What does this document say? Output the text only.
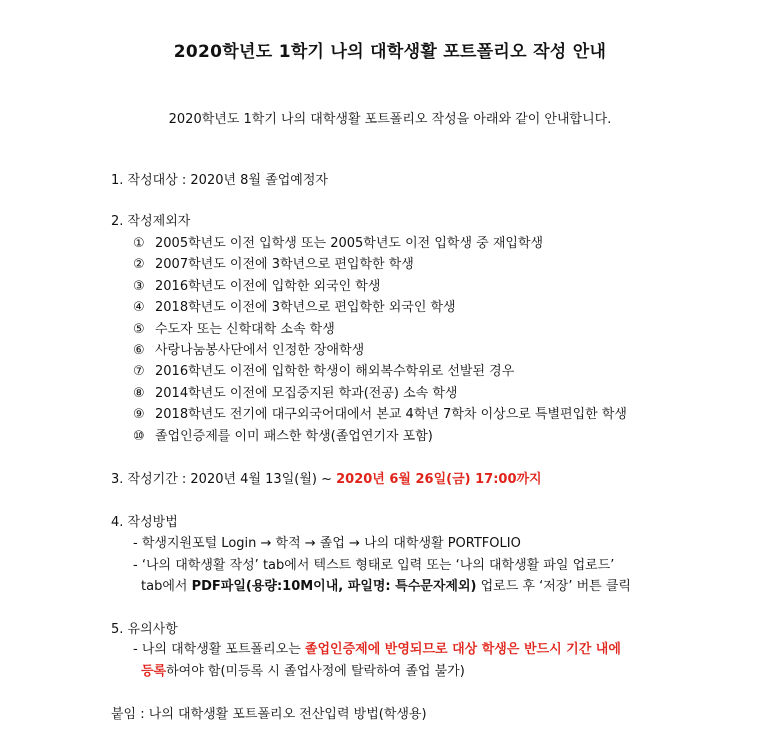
2020학년도 1학기 나의 대학생활 포트폴리오 작성 안내
2020학년도 1학기 나의 대학생활 포트폴리오 작성을 아래와 같이 안내합니다.
1. 작성대상 : 2020년 8월 졸업예정자
2. 작성제외자
① 2005학년도 이전 입학생 또는 2005학년도 이전 입학생 중 재입학생
② 2007학년도 이전에 3학년으로 편입학한 학생
③ 2016학년도 이전에 입학한 외국인 학생
④ 2018학년도 이전에 3학년으로 편입학한 외국인 학생
⑤ 수도자 또는 신학대학 소속 학생
⑥ 사랑나눔봉사단에서 인정한 장애학생
⑦ 2016학년도 이전에 입학한 학생이 해외복수학위로 선발된 경우
⑧ 2014학년도 이전에 모집중지된 학과(전공) 소속 학생
⑨ 2018학년도 전기에 대구외국어대에서 본교 4학년 7학차 이상으로 특별편입한 학생
⑩ 졸업인증제를 이미 패스한 학생(졸업연기자 포함)
3. 작성기간 : 2020년 4월 13일(월) ~ 2020년 6월 26일(금) 17:00까지
4. 작성방법
- 학생지원포털 Login → 학적 → 졸업 → 나의 대학생활 PORTFOLIO
- ‘나의 대학생활 작성’ tab에서 텍스트 형태로 입력 또는 ‘나의 대학생활 파일 업로드’
tab에서 PDF파일(용량:10M이내, 파일명: 특수문자제외) 업로드 후 ‘저장’ 버튼 클릭
5. 유의사항
- 나의 대학생활 포트폴리오는 졸업인증제에 반영되므로 대상 학생은 반드시 기간 내에
등록하여야 함(미등록 시 졸업사정에 탈락하여 졸업 불가)
붙임 : 나의 대학생활 포트폴리오 전산입력 방법(학생용)
